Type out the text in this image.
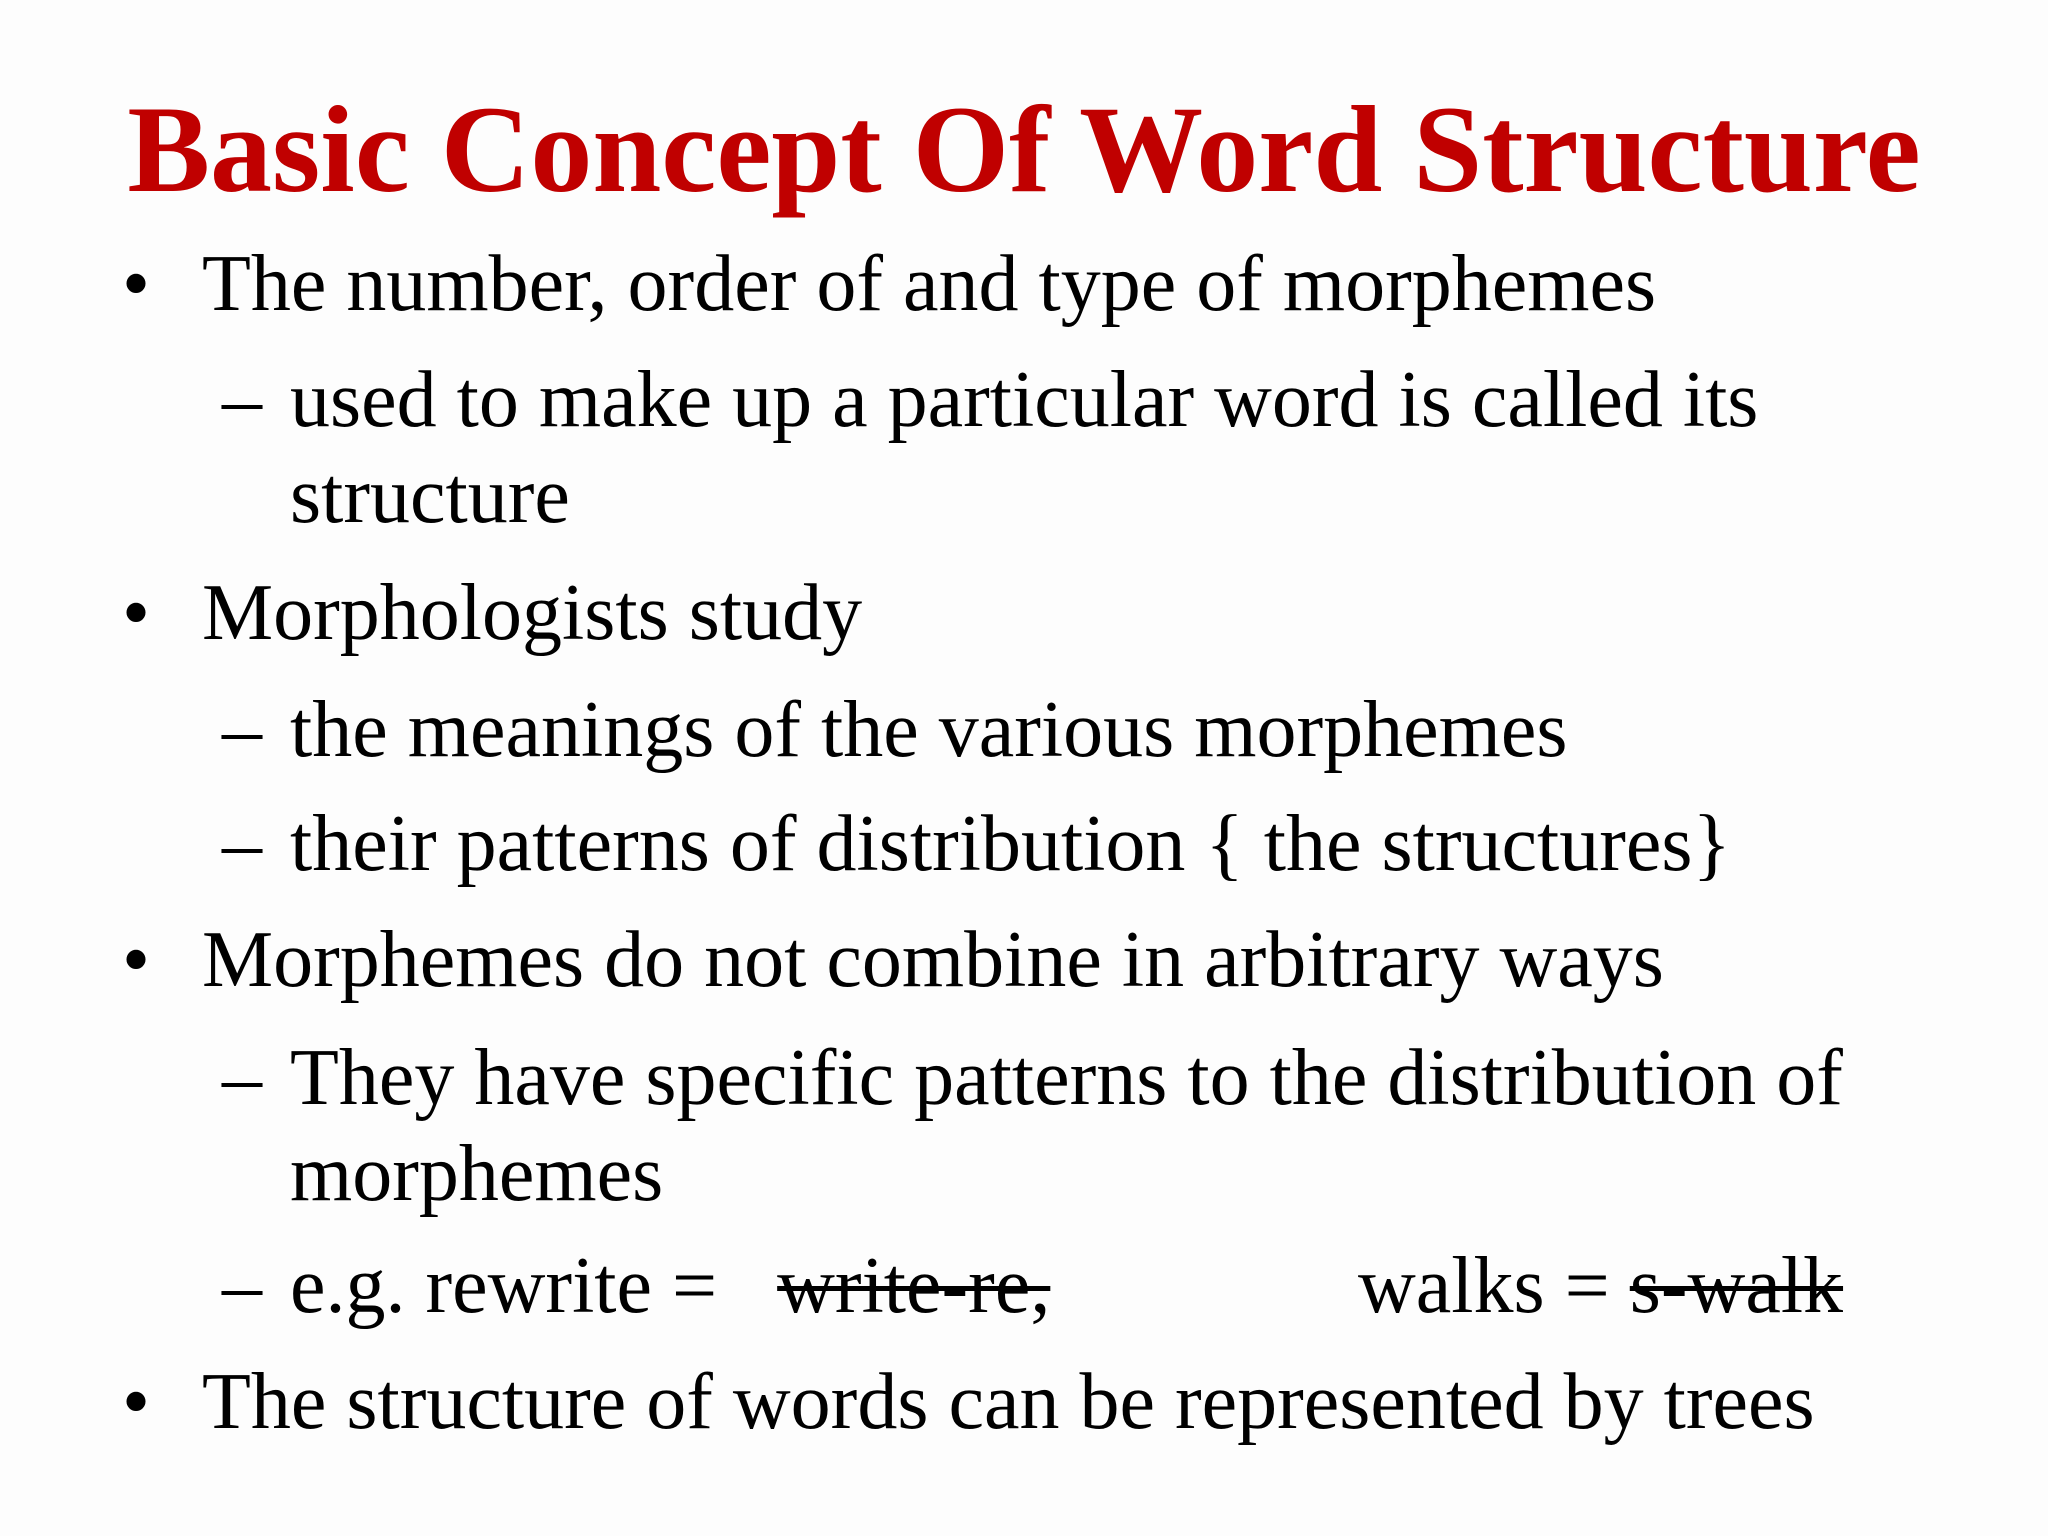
Basic Concept Of Word Structure
• The number, order of and type of morphemes
– used to make up a particular word is called its
structure
• Morphologists study
– the meanings of the various morphemes
– their patterns of distribution { the structures}
• Morphemes do not combine in arbitrary ways
– They have specific patterns to the distribution of
morphemes
– e.g. rewrite = write-re,	walks = s-walk
• The structure of words can be represented by trees
